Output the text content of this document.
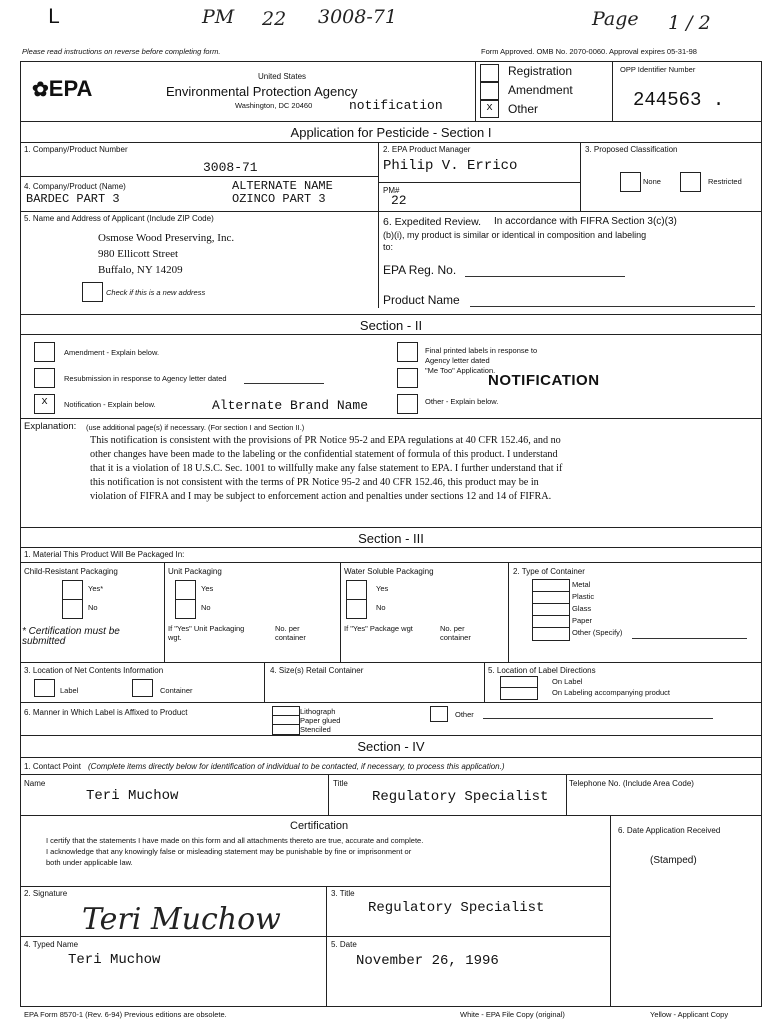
ᒪ	PM 22 3008-71	Page 1 / 2
Please read instructions on reverse before completing form.	Form Approved. OMB No. 2070-0060. Approval expires 05-31-98
✿EPA	United States
Environmental Protection Agency
Washington, DC 20460	notification	x
Registration
Amendment
Other
OPP Identifier Number
244563 .
Application for Pesticide - Section I
1. Company/Product Number
3008-71
2. EPA Product Manager
Philip V. Errico
3. Proposed Classification
None	Restricted
4. Company/Product (Name)
BARDEC PART 3
ALTERNATE NAME
OZINCO PART 3
PM#
22
5. Name and Address of Applicant (Include ZIP Code)
Osmose Wood Preserving, Inc.
980 Ellicott Street
Buffalo, NY 14209
Check if this is a new address
6. Expedited Review. In accordance with FIFRA Section 3(c)(3)
(b)(i), my product is similar or identical in composition and labeling
to:
EPA Reg. No.
Product Name
Section - II
Amendment - Explain below.
Resubmission in response to Agency letter dated
x	Notification - Explain below.	Alternate Brand Name
Final printed labels in response to
Agency letter dated
"Me Too" Application.
NOTIFICATION
Other - Explain below.
Explanation: (use additional page(s) if necessary. (For section I and Section II.)
This notification is consistent with the provisions of PR Notice 95-2 and EPA regulations at 40 CFR 152.46, and no
other changes have been made to the labeling or the confidential statement of formula of this product. I understand
that it is a violation of 18 U.S.C. Sec. 1001 to willfully make any false statement to EPA. I further understand that if
this notification is not consistent with the terms of PR Notice 95-2 and 40 CFR 152.46, this product may be in
violation of FIFRA and I may be subject to enforcement action and penalties under sections 12 and 14 of FIFRA.
Section - III
1. Material This Product Will Be Packaged In:
Child-Resistant Packaging
Yes*
No
* Certification must be submitted
Unit Packaging
Yes
No
If "Yes" Unit Packaging wgt.
No. per container
Water Soluble Packaging
Yes
No
If "Yes" Package wgt	No. per container
2. Type of Container
Metal
Plastic
Glass
Paper
Other (Specify)
3. Location of Net Contents Information
Label	Container
4. Size(s) Retail Container	5. Location of Label Directions
On Label
On Labeling accompanying product
6. Manner in Which Label is Affixed to Product	Lithograph
Paper glued
Stenciled
Other
Section - IV
1. Contact Point (Complete items directly below for identification of individual to be contacted, if necessary, to process this application.)
Name
Teri Muchow
Title
Regulatory Specialist
Telephone No. (Include Area Code)
Certification
I certify that the statements I have made on this form and all attachments thereto are true, accurate and complete.
I acknowledge that any knowingly false or misleading statement may be punishable by fine or imprisonment or
both under applicable law.
6. Date Application Received
(Stamped)
2. Signature
Teri Muchow
3. Title
Regulatory Specialist
4. Typed Name
Teri Muchow
5. Date
November 26, 1996
EPA Form 8570-1 (Rev. 6-94) Previous editions are obsolete.	White - EPA File Copy (original)	Yellow - Applicant Copy
